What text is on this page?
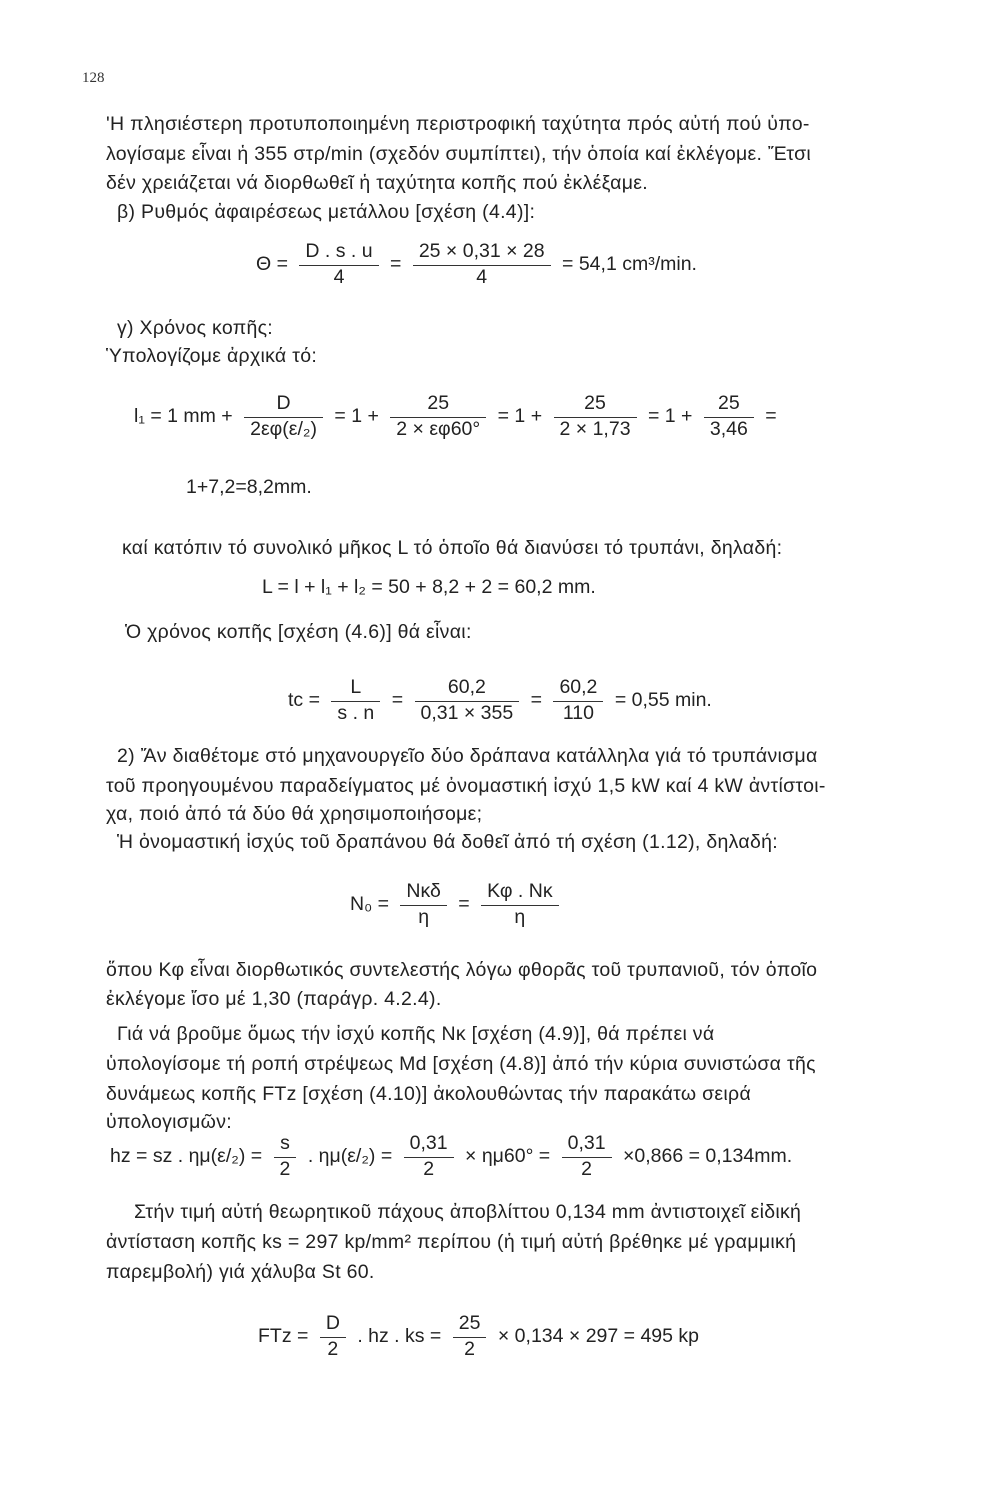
128
'Η πλησιέστερη προτυποποιημένη περιστροφική ταχύτητα πρός αὐτή πού ὑπο-
λογίσαμε εἶναι ἡ 355 στρ/min (σχεδόν συμπίπτει), τήν ὁποία καί ἐκλέγομε. Ἔτσι
δέν χρειάζεται νά διορθωθεῖ ἡ ταχύτητα κοπῆς πού ἐκλέξαμε.
β) Ρυθμός ἀφαιρέσεως μετάλλου [σχέση (4.4)]:
$\Theta = \frac{D . s . u}{4} = \frac{25 \times 0,31 \times 28}{4} = 54,1$ cm³/min.
γ) Χρόνος κοπῆς:
Ὑπολογίζομε ἀρχικά τό:
l₁ = 1 mm + $\frac{D}{\text{2εφ(ε/₂)}} = 1 + \frac{25}{2 \times \varepsilon\varphi 60^\circ} = 1 + \frac{25}{2 \times 1,73} = 1 + \frac{25}{3,46}$ =
1+7,2=8,2mm.
καί κατόπιν τό συνολικό μῆκος L τό ὁποῖο θά διανύσει τό τρυπάνι, δηλαδή:
L = l + l₁ + l₂ = 50 + 8,2 + 2 = 60,2 mm.
Ὁ χρόνος κοπῆς [σχέση (4.6)] θά εἶναι:
tc = $\frac{L}{s . n} = \frac{60,2}{0,31 \times 355} = \frac{60,2}{110} = 0,55$ min.
2) Ἄν διαθέτομε στό μηχανουργεῖο δύο δράπανα κατάλληλα γιά τό τρυπάνισμα
τοῦ προηγουμένου παραδείγματος μέ ὀνομαστική ἰσχύ 1,5 kW καί 4 kW ἀντίστοι-
χα, ποιό ἀπό τά δύο θά χρησιμοποιήσομε;
Ἡ ὀνομαστική ἰσχύς τοῦ δραπάνου θά δοθεῖ ἀπό τή σχέση (1.12), δηλαδή:
$N_0 = \frac{\text{Νκδ}}{\eta} = \frac{K\varphi . N\kappa}{\eta}$
ὅπου Κφ εἶναι διορθωτικός συντελεστής λόγω φθορᾶς τοῦ τρυπανιοῦ, τόν ὁποῖο
ἐκλέγομε ἴσο μέ 1,30 (παράγρ. 4.2.4).
Γιά νά βροῦμε ὅμως τήν ἰσχύ κοπῆς Νκ [σχέση (4.9)], θά πρέπει νά
ὑπολογίσομε τή ροπή στρέψεως Md [σχέση (4.8)] ἀπό τήν κύρια συνιστώσα τῆς
δυνάμεως κοπῆς FTz [σχέση (4.10)] ἀκολουθώντας τήν παρακάτω σειρά
ὑπολογισμῶν:
hz = sz . $\eta\mu(\varepsilon/_2) = \frac{s}{2}$ . $\eta\mu(\varepsilon/_2) = \frac{0,31}{2} \times \eta\mu 60^\circ = \frac{0,31}{2} \times 0,866 = 0,134mm$.
Στήν τιμή αὐτή θεωρητικοῦ πάχους ἀποβλίττου 0,134 mm ἀντιστοιχεῖ εἰδική
ἀντίσταση κοπῆς ks = 297 kp/mm² περίπου (ἡ τιμή αὐτή βρέθηκε μέ γραμμική
παρεμβολή) γιά χάλυβα St 60.
FTz = $\frac{D}{2}$ . hz . ks = $\frac{25}{2} \times 0,134 \times 297 = 495$ kp
